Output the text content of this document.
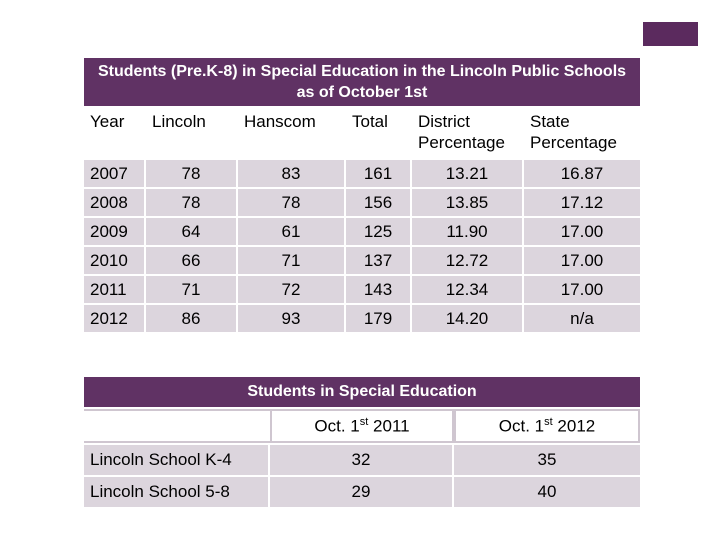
Students (Pre.K-8) in Special Education in the Lincoln Public Schools as of October 1st
Year	Lincoln	Hanscom	Total	District Percentage	State Percentage
2007	78	83	161	13.21	16.87
2008	78	78	156	13.85	17.12
2009	64	61	125	11.90	17.00
2010	66	71	137	12.72	17.00
2011	71	72	143	12.34	17.00
2012	86	93	179	14.20	n/a
Students in Special Education
	Oct. 1st 2011	Oct. 1st 2012
Lincoln School K-4	32	35
Lincoln School 5-8	29	40
